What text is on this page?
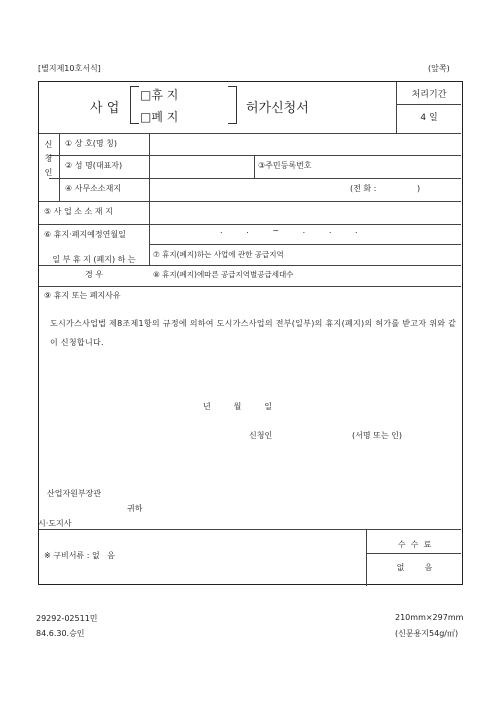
[별지제10호서식]	(앞쪽)
사 업
□휴 지
□폐 지
허가신청서
처리기간
4 일
신청인 ① 상 호(명 칭)
② 성 명(대표자)	③주민등록번호
④ 사무소소재지	(전 화 :                )
⑤ 사 업 소 소 재 지
⑥ 휴지·폐지예정연월일	.   .   ~   .   .   .
일 부 휴 지 (폐지) 하 는 경 우
⑦ 휴지(폐지)하는 사업에 관한 공급지역
⑧ 휴지(폐지)에따른 공급지역별공급세대수
⑨ 휴지 또는 폐지사유
도시가스사업법 제8조제1항의 규정에 의하여 도시가스사업의 전부(일부)의 휴지(폐지)의 허가를 받고자 위와 같이 신청합니다.
년         월         일
신청인	(서명 또는 인)
산업자원부장관
귀하
시·도지사
※ 구비서류 : 없   음
수  수  료
없        음
29292-02511민
84.6.30.승인
210mm×297mm
(신문용지54g/㎡)
